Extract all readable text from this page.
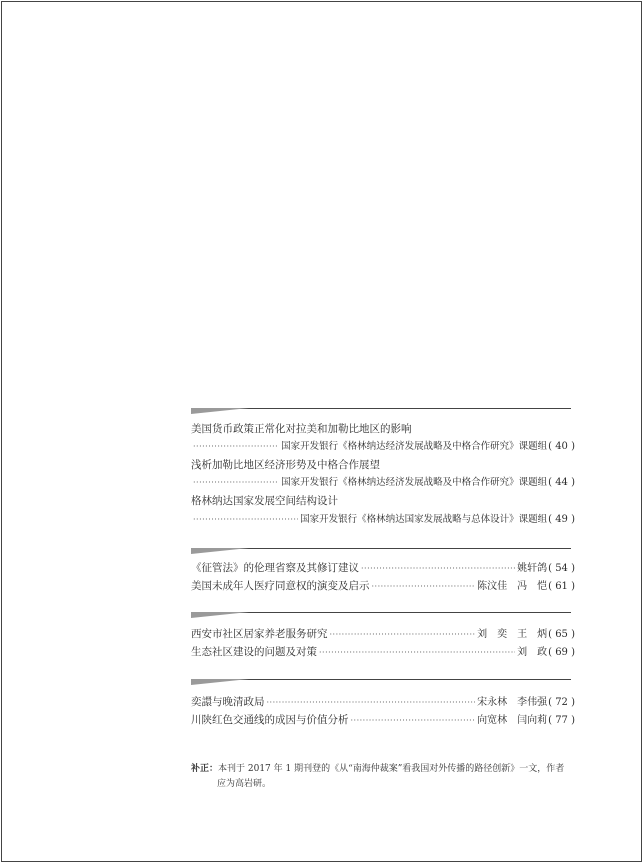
美国货币政策正常化对拉美和加勒比地区的影响
·····
国家开发银行《格林纳达经济发展战略及中格合作研究》课题组 ( 40 )
浅析加勒比地区经济形势及中格合作展望
·····
国家开发银行《格林纳达经济发展战略及中格合作研究》课题组 ( 44 )
格林纳达国家发展空间结构设计
·····
国家开发银行《格林纳达国家发展战略与总体设计》课题组 ( 49 )
《征管法》的伦理省察及其修订建议 ·····	姚轩鸽 ( 54 )
美国未成年人医疗同意权的演变及启示 ·····	陈汶佳　冯　恺 ( 61 )
西安市社区居家养老服务研究 ·····	刘　奕　王　炳 ( 65 )
生态社区建设的问题及对策 ·····	刘　政 ( 69 )
奕譞与晚清政局 ·····	宋永林　李伟强 ( 72 )
川陕红色交通线的成因与价值分析 ·····	向宽林　闫向莉 ( 77 )
补正：本刊于 2017 年 1 期刊登的《从“南海仲裁案”看我国对外传播的路径创新》一文，作者
应为高岩研。
